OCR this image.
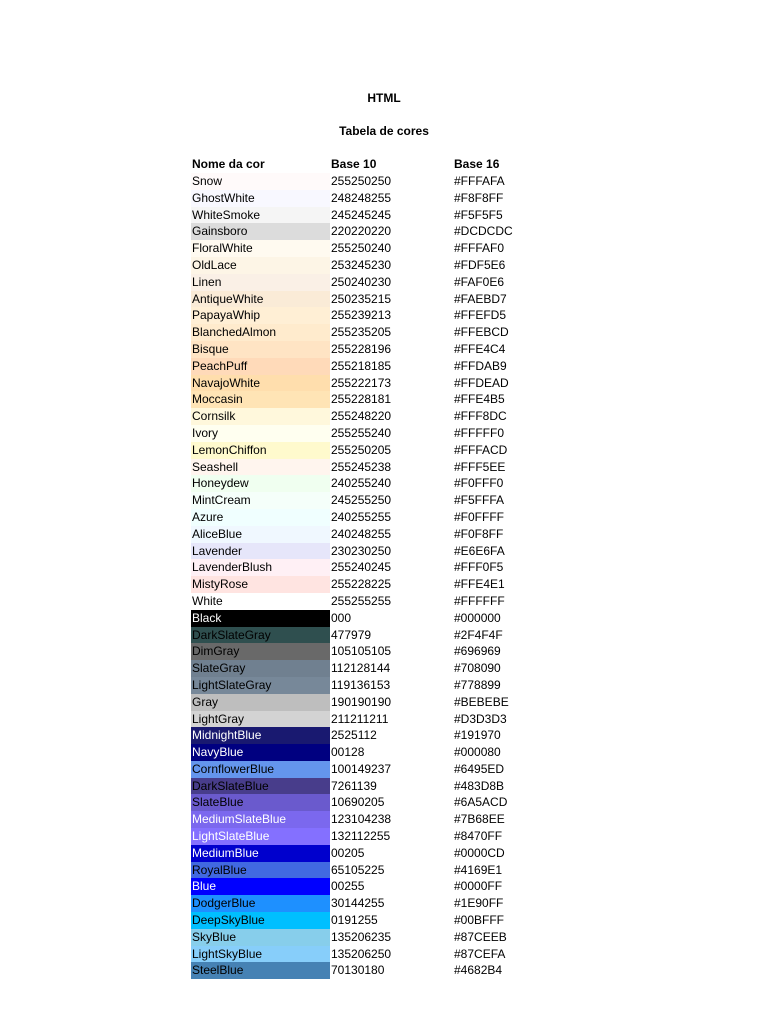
HTML
Tabela de cores
Nome da cor	Base 10	Base 16
Snow	255250250	#FFFAFA
GhostWhite	248248255	#F8F8FF
WhiteSmoke	245245245	#F5F5F5
Gainsboro	220220220	#DCDCDC
FloralWhite	255250240	#FFFAF0
OldLace	253245230	#FDF5E6
Linen	250240230	#FAF0E6
AntiqueWhite	250235215	#FAEBD7
PapayaWhip	255239213	#FFEFD5
BlanchedAlmon	255235205	#FFEBCD
Bisque	255228196	#FFE4C4
PeachPuff	255218185	#FFDAB9
NavajoWhite	255222173	#FFDEAD
Moccasin	255228181	#FFE4B5
Cornsilk	255248220	#FFF8DC
Ivory	255255240	#FFFFF0
LemonChiffon	255250205	#FFFACD
Seashell	255245238	#FFF5EE
Honeydew	240255240	#F0FFF0
MintCream	245255250	#F5FFFA
Azure	240255255	#F0FFFF
AliceBlue	240248255	#F0F8FF
Lavender	230230250	#E6E6FA
LavenderBlush	255240245	#FFF0F5
MistyRose	255228225	#FFE4E1
White	255255255	#FFFFFF
Black	000	#000000
DarkSlateGray	477979	#2F4F4F
DimGray	105105105	#696969
SlateGray	112128144	#708090
LightSlateGray	119136153	#778899
Gray	190190190	#BEBEBE
LightGray	211211211	#D3D3D3
MidnightBlue	2525112	#191970
NavyBlue	00128	#000080
CornflowerBlue	100149237	#6495ED
DarkSlateBlue	7261139	#483D8B
SlateBlue	10690205	#6A5ACD
MediumSlateBlue	123104238	#7B68EE
LightSlateBlue	132112255	#8470FF
MediumBlue	00205	#0000CD
RoyalBlue	65105225	#4169E1
Blue	00255	#0000FF
DodgerBlue	30144255	#1E90FF
DeepSkyBlue	0191255	#00BFFF
SkyBlue	135206235	#87CEEB
LightSkyBlue	135206250	#87CEFA
SteelBlue	70130180	#4682B4
